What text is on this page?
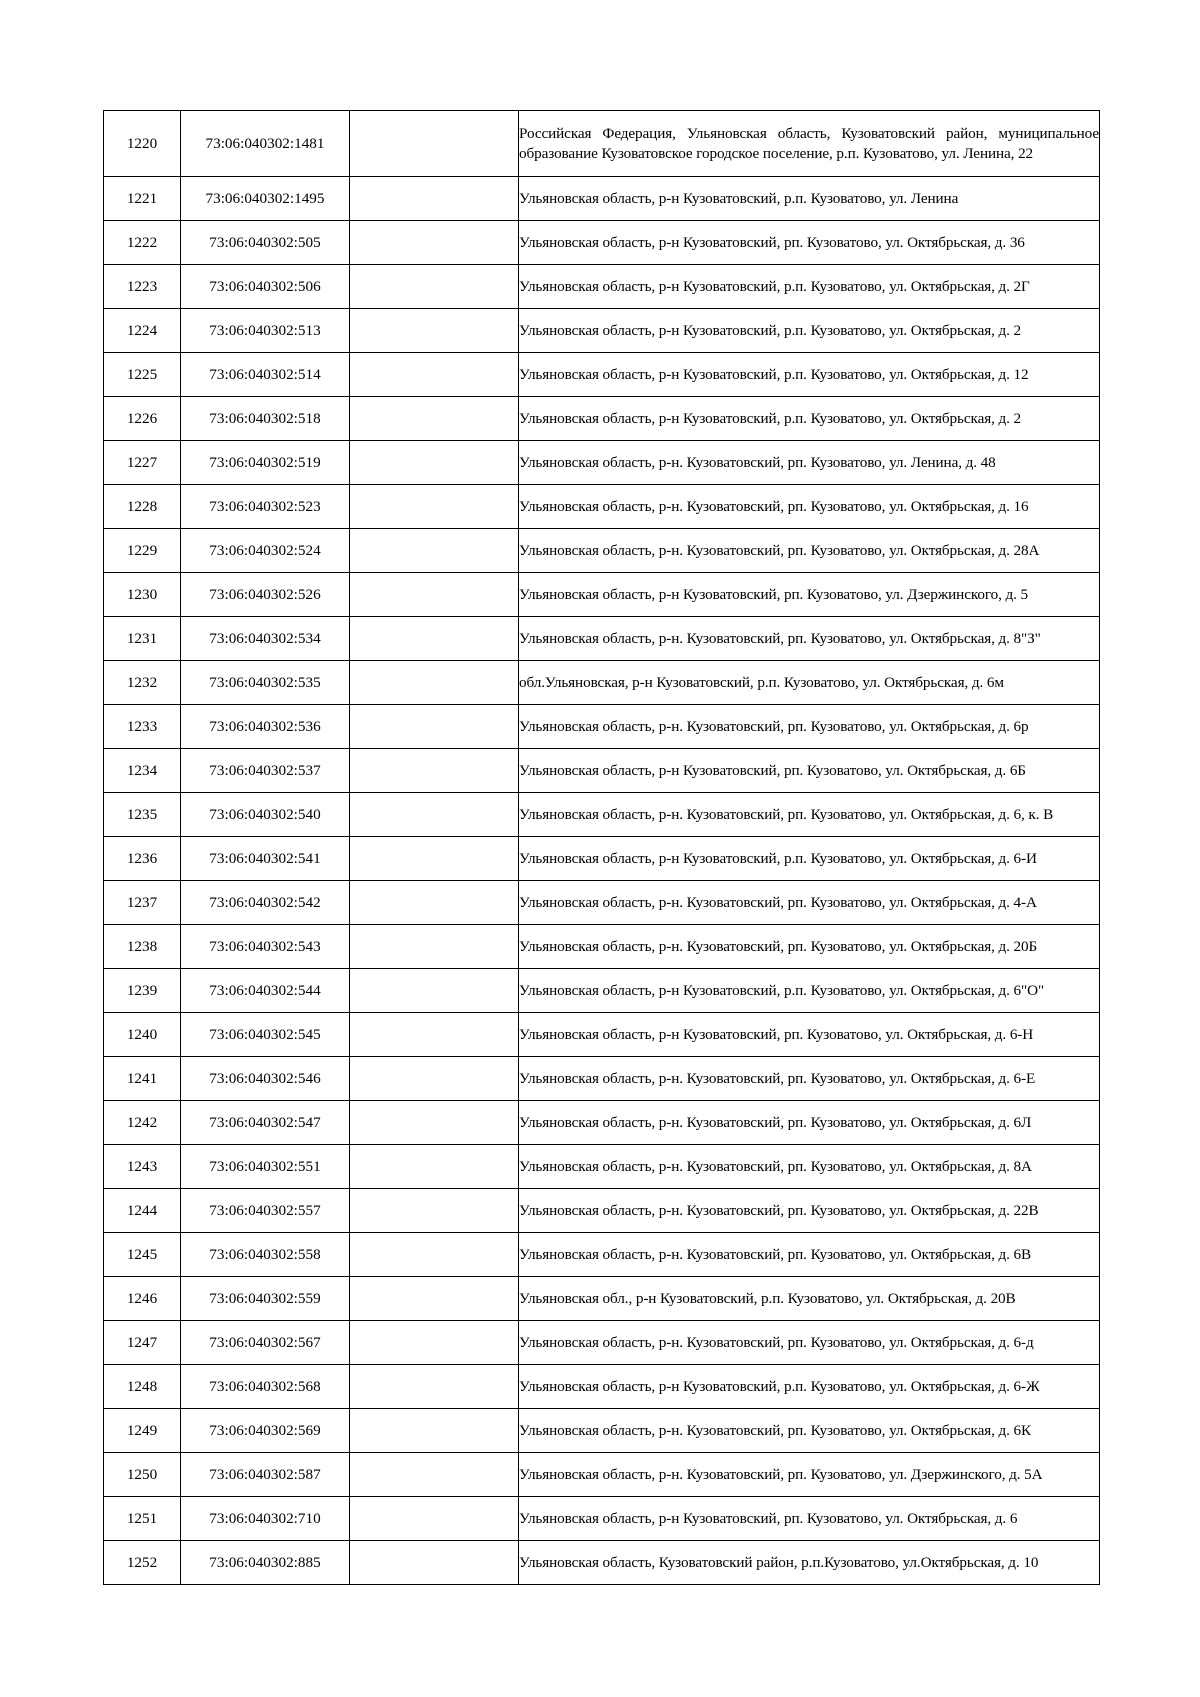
1220	73:06:040302:1481		Российская Федерация, Ульяновская область, Кузоватовский район, муниципальное образование Кузоватовское городское поселение, р.п. Кузоватово, ул. Ленина, 22
1221	73:06:040302:1495		Ульяновская область, р-н Кузоватовский, р.п. Кузоватово, ул. Ленина
1222	73:06:040302:505		Ульяновская область, р-н Кузоватовский, рп. Кузоватово, ул. Октябрьская, д. 36
1223	73:06:040302:506		Ульяновская область, р-н Кузоватовский, р.п. Кузоватово, ул. Октябрьская, д. 2Г
1224	73:06:040302:513		Ульяновская область, р-н Кузоватовский, р.п. Кузоватово, ул. Октябрьская, д. 2
1225	73:06:040302:514		Ульяновская область, р-н Кузоватовский, р.п. Кузоватово, ул. Октябрьская, д. 12
1226	73:06:040302:518		Ульяновская область, р-н Кузоватовский, р.п. Кузоватово, ул. Октябрьская, д. 2
1227	73:06:040302:519		Ульяновская область, р-н. Кузоватовский, рп. Кузоватово, ул. Ленина, д. 48
1228	73:06:040302:523		Ульяновская область, р-н. Кузоватовский, рп. Кузоватово, ул. Октябрьская, д. 16
1229	73:06:040302:524		Ульяновская область, р-н. Кузоватовский, рп. Кузоватово, ул. Октябрьская, д. 28А
1230	73:06:040302:526		Ульяновская область, р-н Кузоватовский, рп. Кузоватово, ул. Дзержинского, д. 5
1231	73:06:040302:534		Ульяновская область, р-н. Кузоватовский, рп. Кузоватово, ул. Октябрьская, д. 8"З"
1232	73:06:040302:535		обл.Ульяновская, р-н Кузоватовский, р.п. Кузоватово, ул. Октябрьская, д. 6м
1233	73:06:040302:536		Ульяновская область, р-н. Кузоватовский, рп. Кузоватово, ул. Октябрьская, д. 6р
1234	73:06:040302:537		Ульяновская область, р-н Кузоватовский, рп. Кузоватово, ул. Октябрьская, д. 6Б
1235	73:06:040302:540		Ульяновская область, р-н. Кузоватовский, рп. Кузоватово, ул. Октябрьская, д. 6, к. В
1236	73:06:040302:541		Ульяновская область, р-н Кузоватовский, р.п. Кузоватово, ул. Октябрьская, д. 6-И
1237	73:06:040302:542		Ульяновская область, р-н. Кузоватовский, рп. Кузоватово, ул. Октябрьская, д. 4-А
1238	73:06:040302:543		Ульяновская область, р-н. Кузоватовский, рп. Кузоватово, ул. Октябрьская, д. 20Б
1239	73:06:040302:544		Ульяновская область, р-н Кузоватовский, р.п. Кузоватово, ул. Октябрьская, д. 6"О"
1240	73:06:040302:545		Ульяновская область, р-н Кузоватовский, рп. Кузоватово, ул. Октябрьская, д. 6-Н
1241	73:06:040302:546		Ульяновская область, р-н. Кузоватовский, рп. Кузоватово, ул. Октябрьская, д. 6-Е
1242	73:06:040302:547		Ульяновская область, р-н. Кузоватовский, рп. Кузоватово, ул. Октябрьская, д. 6Л
1243	73:06:040302:551		Ульяновская область, р-н. Кузоватовский, рп. Кузоватово, ул. Октябрьская, д. 8А
1244	73:06:040302:557		Ульяновская область, р-н. Кузоватовский, рп. Кузоватово, ул. Октябрьская, д. 22В
1245	73:06:040302:558		Ульяновская область, р-н. Кузоватовский, рп. Кузоватово, ул. Октябрьская, д. 6В
1246	73:06:040302:559		Ульяновская обл., р-н Кузоватовский, р.п. Кузоватово, ул. Октябрьская, д. 20В
1247	73:06:040302:567		Ульяновская область, р-н. Кузоватовский, рп. Кузоватово, ул. Октябрьская, д. 6-д
1248	73:06:040302:568		Ульяновская область, р-н Кузоватовский, р.п. Кузоватово, ул. Октябрьская, д. 6-Ж
1249	73:06:040302:569		Ульяновская область, р-н. Кузоватовский, рп. Кузоватово, ул. Октябрьская, д. 6К
1250	73:06:040302:587		Ульяновская область, р-н. Кузоватовский, рп. Кузоватово, ул. Дзержинского, д. 5А
1251	73:06:040302:710		Ульяновская область, р-н Кузоватовский, рп. Кузоватово, ул. Октябрьская, д. 6
1252	73:06:040302:885		Ульяновская область, Кузоватовский район, р.п.Кузоватово, ул.Октябрьская, д. 10
